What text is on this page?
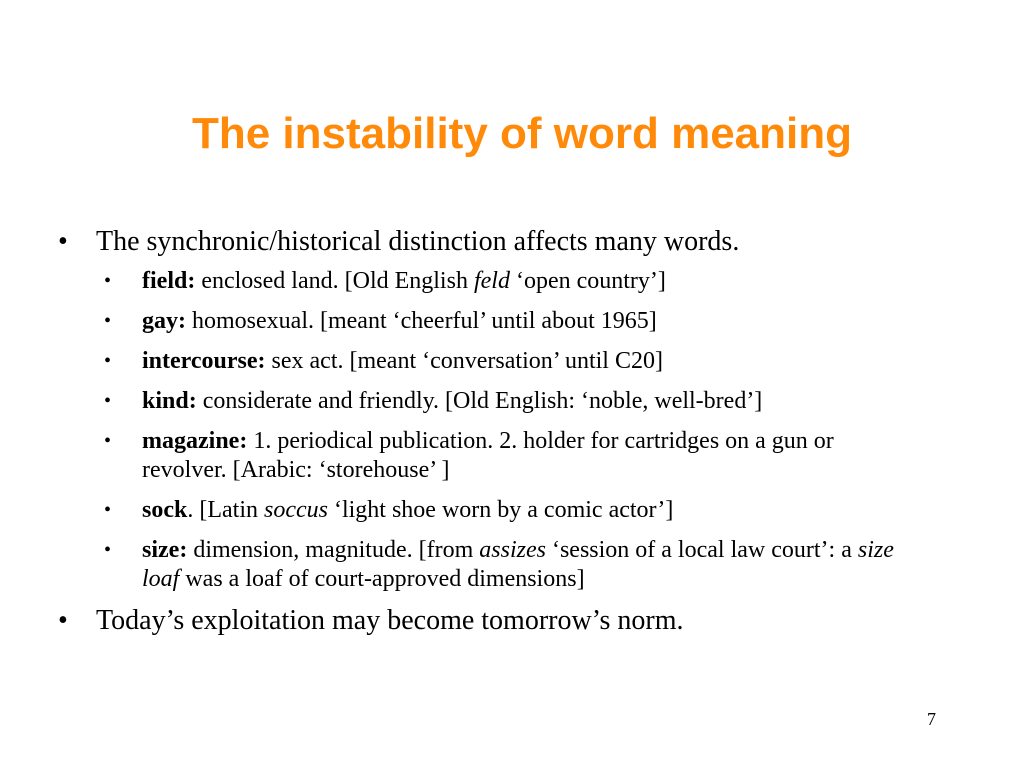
The instability of word meaning
• The synchronic/historical distinction affects many words.
• field: enclosed land. [Old English feld ‘open country’]
• gay: homosexual. [meant ‘cheerful’ until about 1965]
• intercourse: sex act. [meant ‘conversation’ until C20]
• kind: considerate and friendly. [Old English: ‘noble, well-bred’]
• magazine: 1. periodical publication. 2. holder for cartridges on a gun or revolver. [Arabic: ‘storehouse’ ]
• sock. [Latin soccus ‘light shoe worn by a comic actor’]
• size: dimension, magnitude. [from assizes ‘session of a local law court’: a size loaf was a loaf of court-approved dimensions]
• Today’s exploitation may become tomorrow’s norm.
7
